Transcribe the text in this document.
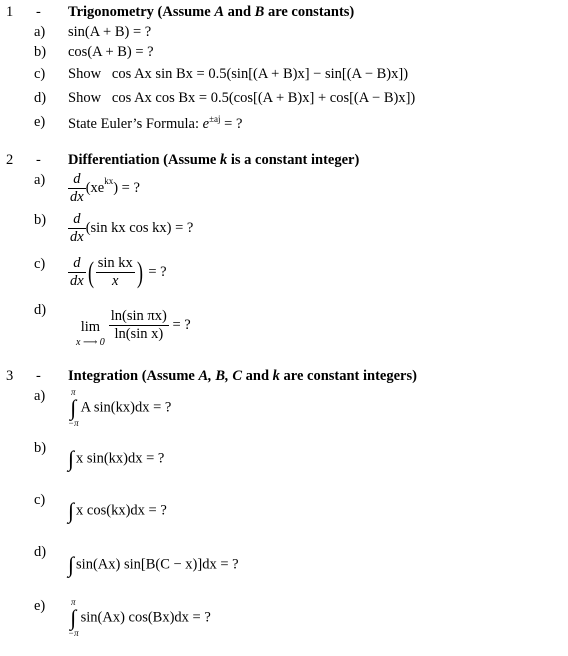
1 - Trigonometry (Assume A and B are constants)
a) sin(A + B) = ?
b) cos(A + B) = ?
c) Show cos Ax sin Bx = 0.5(sin[(A + B)x] − sin[(A − B)x])
d) Show cos Ax cos Bx = 0.5(cos[(A + B)x] + cos[(A − B)x])
e) State Euler’s Formula: $e^{\pm aj}$ = ?
2 - Differentiation (Assume k is a constant integer)
$a) \frac{d}{dx} (xe^{kx})$ = ?
$b) \frac{d}{dx} (\sin$ kx cos kx) = ?
$c) \frac{d}{dx}$ ( $\frac{\text{sin kx}}{x}$ ) = ?
d)

lim
x ⟶ 0
$\frac{\text{ln(sin πx)}}{\text{ln(sin x)}}$ = ?
3 - Integration (Assume A, B, C and k are constant integers)
a)	π
∫
−π
A sin(kx)dx = ?
b) ∫ x sin(kx)dx = ?
c) ∫ x cos(kx)dx = ?
d) ∫ sin(Ax) sin[B(C − x)]dx = ?
e)	π
∫
−π
sin(Ax) cos(Bx)dx = ?
